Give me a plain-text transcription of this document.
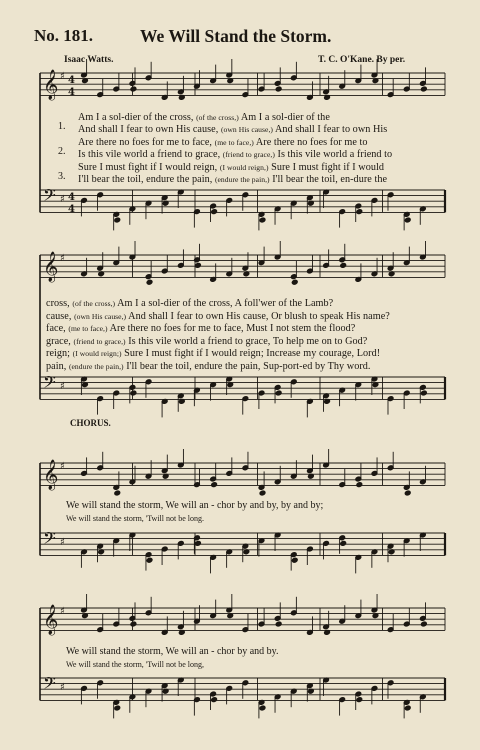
No. 181.	We Will Stand the Storm.
Isaac Watts.	T. C. O'Kane. By per.
𝄞 ♯ 4
4
𝄢 ♯ 4
4
𝄞 ♯
𝄢 ♯
𝄞 ♯
𝄢 ♯
𝄞 ♯
𝄢 ♯
1.
2.
3.
Am I a sol-dier of the cross, (of the cross,) Am I a sol-dier of the
And shall I fear to own His cause, (own His cause,) And shall I fear to own His
Are there no foes for me to face, (me to face,) Are there no foes for me to
Is this vile world a friend to grace, (friend to grace,) Is this vile world a friend to
Sure I must fight if I would reign, (I would reign,) Sure I must fight if I would
I'll bear the toil, endure the pain, (endure the pain,) I'll bear the toil, en-dure the
cross, (of the cross,) Am I a sol-dier of the cross, A foll'wer of the Lamb?
cause, (own His cause,) And shall I fear to own His cause, Or blush to speak His name?
face, (me to face,) Are there no foes for me to face, Must I not stem the flood?
grace, (friend to grace,) Is this vile world a friend to grace, To help me on to God?
reign; (I would reign;) Sure I must fight if I would reign; Increase my courage, Lord!
pain, (endure the pain,) I'll bear the toil, endure the pain, Sup-port-ed by Thy word.
CHORUS.
We will stand the storm, We will an - chor by and by, by and by;
We will stand the storm, 'Twill not be long.
We will stand the storm, We will an - chor by and by.
We will stand the storm, 'Twill not be long,
